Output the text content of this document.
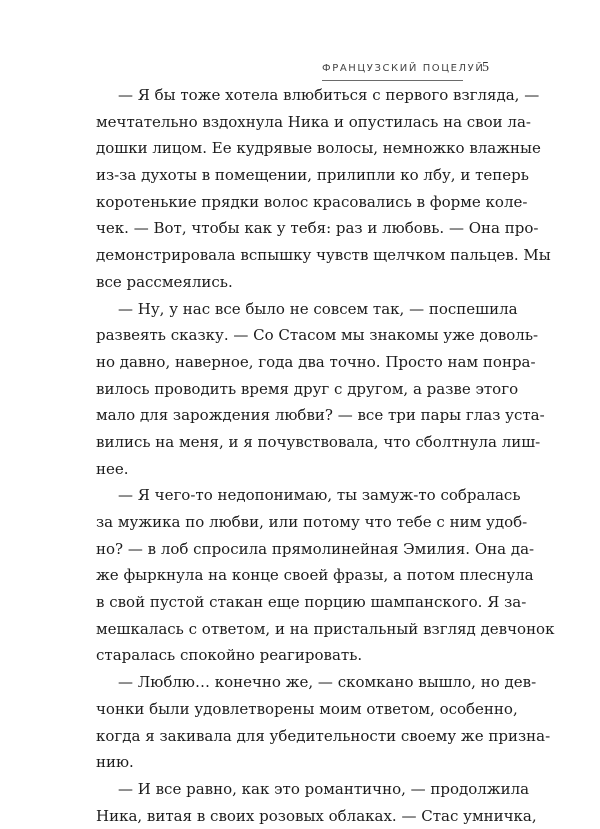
ФРАНЦУЗСКИЙ ПОЦЕЛУЙ
5
— Я бы тоже хотела влюбиться с первого взгляда, —
мечтательно вздохнула Ника и опустилась на свои ла-
дошки лицом. Ее кудрявые волосы, немножко влажные
из-за духоты в помещении, прилипли ко лбу, и теперь
коротенькие прядки волос красовались в форме коле-
чек. — Вот, чтобы как у тебя: раз и любовь. — Она про-
демонстрировала вспышку чувств щелчком пальцев. Мы
все рассмеялись.
— Ну, у нас все было не совсем так, — поспешила
развеять сказку. — Со Стасом мы знакомы уже доволь-
но давно, наверное, года два точно. Просто нам понра-
вилось проводить время друг с другом, а разве этого
мало для зарождения любви? — все три пары глаз уста-
вились на меня, и я почувствовала, что сболтнула лиш-
нее.
— Я чего-то недопонимаю, ты замуж-то собралась
за мужика по любви, или потому что тебе с ним удоб-
но? — в лоб спросила прямолинейная Эмилия. Она да-
же фыркнула на конце своей фразы, а потом плеснула
в свой пустой стакан еще порцию шампанского. Я за-
мешкалась с ответом, и на пристальный взгляд девчонок
старалась спокойно реагировать.
— Люблю… конечно же, — скомкано вышло, но дев-
чонки были удовлетворены моим ответом, особенно,
когда я закивала для убедительности своему же призна-
нию.
— И все равно, как это романтично, — продолжила
Ника, витая в своих розовых облаках. — Стас умничка,
